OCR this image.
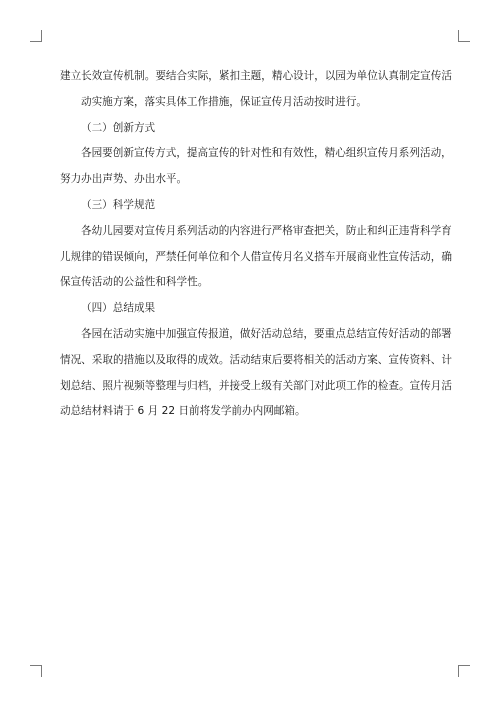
建立长效宣传机制。要结合实际，紧扣主题，精心设计，以园为单位认真制定宣传活
动实施方案，落实具体工作措施，保证宣传月活动按时进行。
（二）创新方式
各园要创新宣传方式，提高宣传的针对性和有效性，精心组织宣传月系列活动，
努力办出声势、办出水平。
（三）科学规范
各幼儿园要对宣传月系列活动的内容进行严格审查把关，防止和纠正违背科学育
儿规律的错误倾向，严禁任何单位和个人借宣传月名义搭车开展商业性宣传活动，确
保宣传活动的公益性和科学性。
（四）总结成果
各园在活动实施中加强宣传报道，做好活动总结，要重点总结宣传好活动的部署
情况、采取的措施以及取得的成效。活动结束后要将相关的活动方案、宣传资料、计
划总结、照片视频等整理与归档，并接受上级有关部门对此项工作的检查。宣传月活
动总结材料请于 6 月 22 日前将发学前办内网邮箱。
